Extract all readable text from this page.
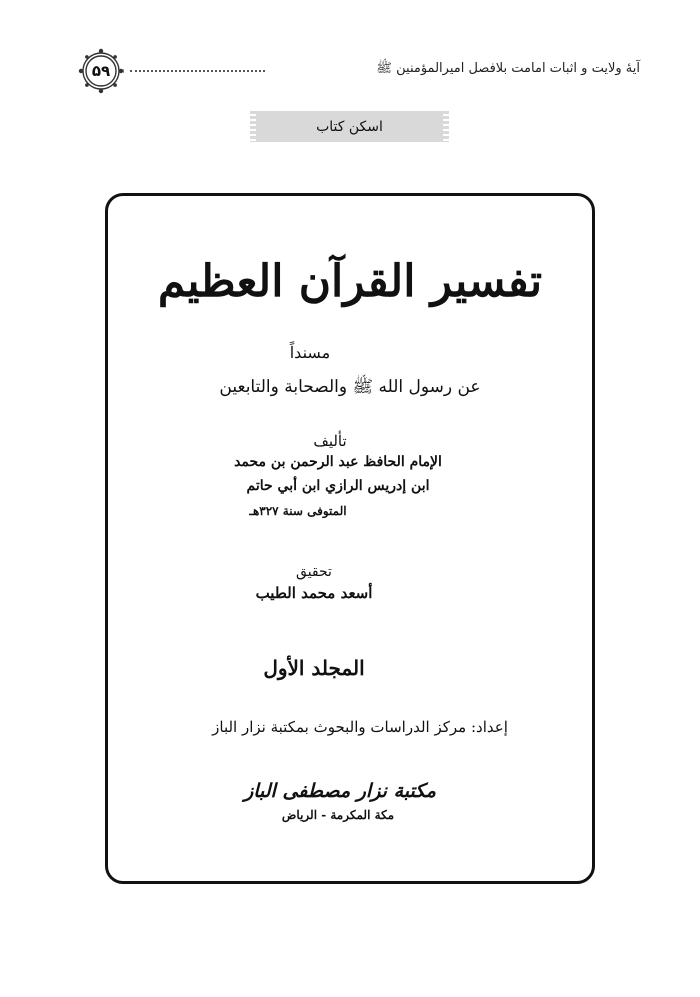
۵۹	آیهٔ ولایت و اثبات امامت بلافصل امیرالمؤمنین ﷺ
اسکن کتاب
تفسير القرآن العظيم
مسنداً
عن رسول الله ﷺ والصحابة والتابعين
تأليف
الإمام الحافظ عبد الرحمن بن محمد
ابن إدريس الرازي ابن أبي حاتم
المتوفى سنة ٣٢٧هـ
تحقيق
أسعد محمد الطيب
المجلد الأول
إعداد: مركز الدراسات والبحوث بمكتبة نزار الباز
مكتبة نزار مصطفى الباز
مكة المكرمة - الرياض
